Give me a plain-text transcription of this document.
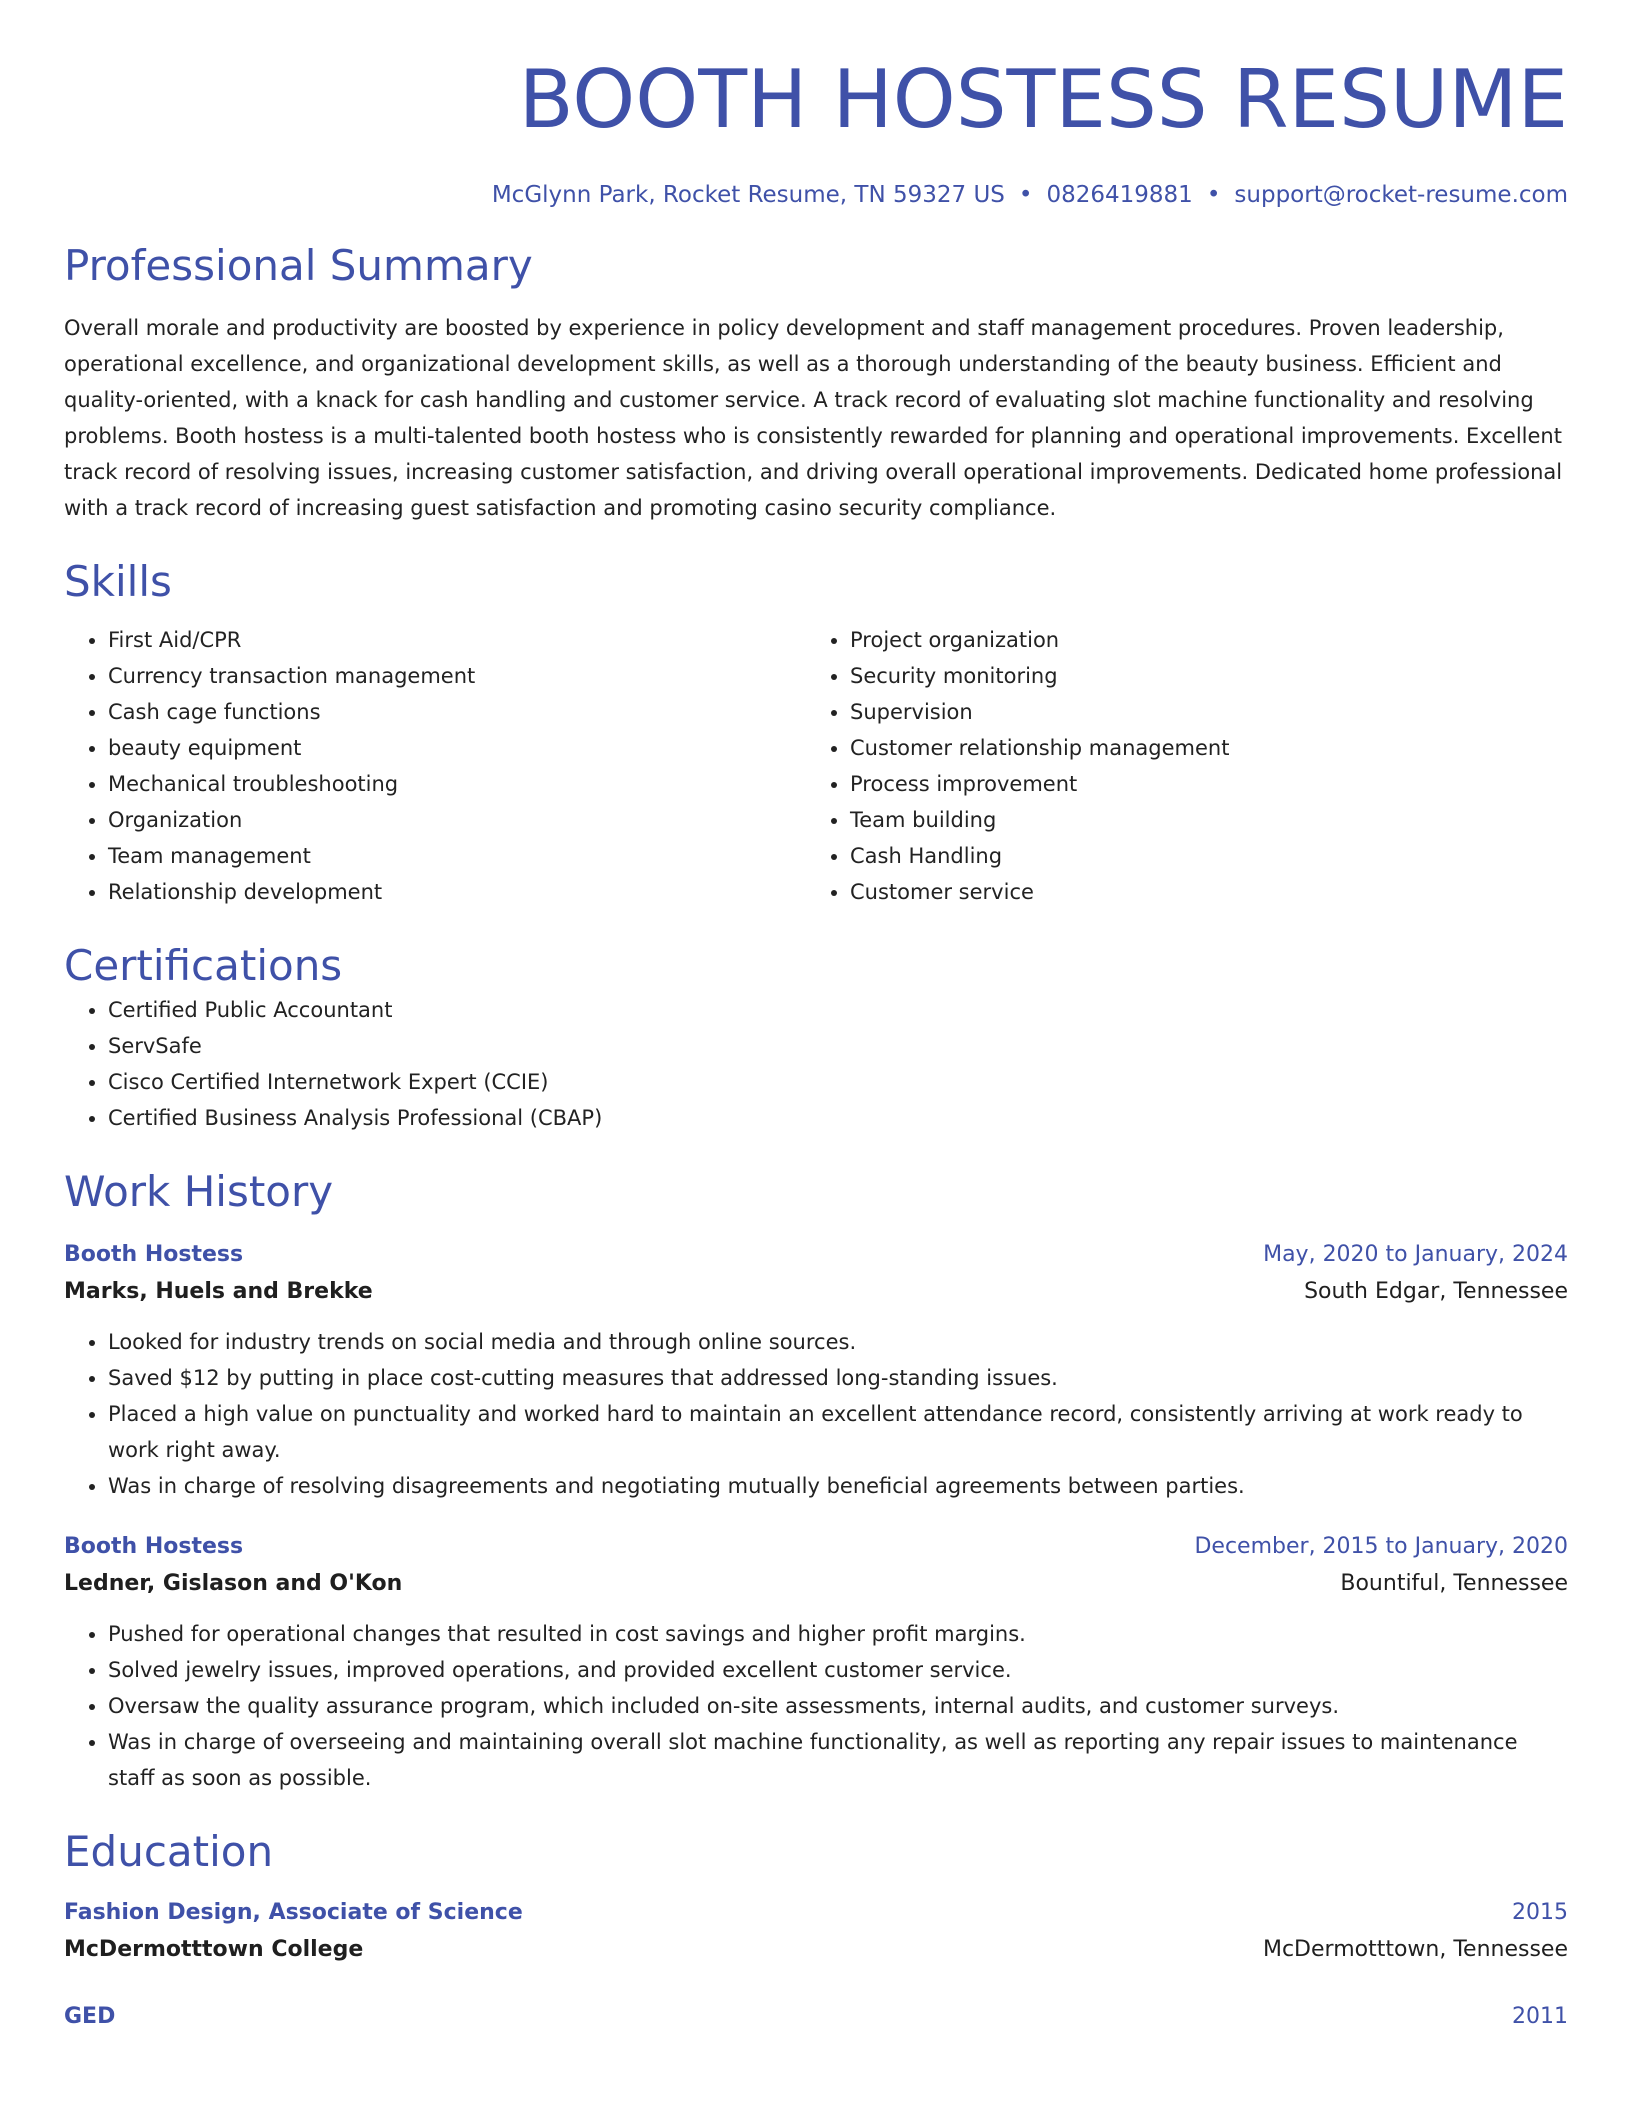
BOOTH HOSTESS RESUME
McGlynn Park, Rocket Resume, TN 59327 US • 0826419881 • support@rocket-resume.com
Professional Summary
Overall morale and productivity are boosted by experience in policy development and staff management procedures. Proven leadership, operational excellence, and organizational development skills, as well as a thorough understanding of the beauty business. Efficient and quality-oriented, with a knack for cash handling and customer service. A track record of evaluating slot machine functionality and resolving problems. Booth hostess is a multi-talented booth hostess who is consistently rewarded for planning and operational improvements. Excellent track record of resolving issues, increasing customer satisfaction, and driving overall operational improvements. Dedicated home professional with a track record of increasing guest satisfaction and promoting casino security compliance.
Skills
• First Aid/CPR
• Currency transaction management
• Cash cage functions
• beauty equipment
• Mechanical troubleshooting
• Organization
• Team management
• Relationship development
• Project organization
• Security monitoring
• Supervision
• Customer relationship management
• Process improvement
• Team building
• Cash Handling
• Customer service
Certifications
• Certified Public Accountant
• ServSafe
• Cisco Certified Internetwork Expert (CCIE)
• Certified Business Analysis Professional (CBAP)
Work History
Booth Hostess	May, 2020 to January, 2024
Marks, Huels and Brekke	South Edgar, Tennessee
• Looked for industry trends on social media and through online sources.
• Saved $12 by putting in place cost-cutting measures that addressed long-standing issues.
• Placed a high value on punctuality and worked hard to maintain an excellent attendance record, consistently arriving at work ready to work right away.
• Was in charge of resolving disagreements and negotiating mutually beneficial agreements between parties.
Booth Hostess	December, 2015 to January, 2020
Ledner, Gislason and O'Kon	Bountiful, Tennessee
• Pushed for operational changes that resulted in cost savings and higher profit margins.
• Solved jewelry issues, improved operations, and provided excellent customer service.
• Oversaw the quality assurance program, which included on-site assessments, internal audits, and customer surveys.
• Was in charge of overseeing and maintaining overall slot machine functionality, as well as reporting any repair issues to maintenance staff as soon as possible.
Education
Fashion Design, Associate of Science	2015
McDermotttown College	McDermotttown, Tennessee
GED	2011
